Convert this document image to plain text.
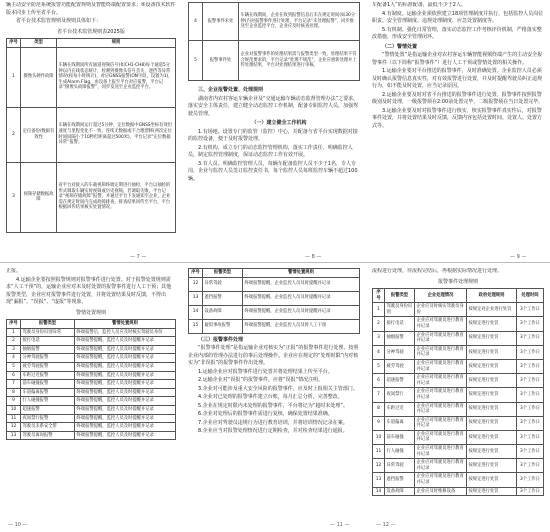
辆主动安全防范系统报警功能配置规则及智能终端配置要求；⑤设备技术软件版本同步上传至省平台。

省平台技术监管规则及规则具体如下：

省平台技术监管规则表2025版
序号	类型	规则
1	摄像头硬件故障	车辆在线期间所有通道视频信号(如CH1-CH8)每个通道5分钟以内在线状态统计，检测到摄像头信号丢失、遮挡等异常情况(按每小时统计)，对应GNSS报警(ON字段，设置为1)，生成Alarm Flag，由设备上报至平台对应报警，平台记录“摄像头故障报警”，同步发送至企业监控平台。
2	定位备份/数据有效性	车辆在线期间运行超过5分钟，定位数据中GNSS坐标有效但速度与里程变化不一致、连续无数据或不合理漂移(两次定位时间间隔小于10秒但距离超过500米)，平台记录“定位数据异常”报警。
3	视频存储数据故障	省平台对接入的车载视频终端定期进行抽检，平台以抽检的形式调取车辆实时视频或历史视频，若调取失败，平台记录“视频存储故障”报警，并通过平台下发通知至企业，企业需在规定时间内完成故障排查，排查结果回传至平台，平台根据回传结果核实处置情况。
— 7 —
4	报警事件未处	车辆在线期间，企业在收到报警信息后未在规定时间(如30分钟)内对报警事件进行处理，平台记录“未处理报警”，同步推送至企业监控平台，企业应及时核查处理。
5	报警事件处	企业对报警事件的处理结果需与报警类型一致，处理结果不符合规范要求的，平台记录“处理不规范”，企业应重新处理并上传处理结果，平台对处理结果进行审核。
三、企业报警处置、处理规则

湖南省内农村客运车辆企业及“交通运输车辆动态监督管理办法”之要求，落实安全主体责任，建立健全动态监控工作机制，配备专职监控人员，加强驾驶员管理。

（一）建立健全工作机构

1.有场地。设置专门的监管（监控）中心，并配备与省平台实现数据对接的监控设备，便于及时报警处理。

2.有机构。成立专门的动态监控管理机构，落实工作责任，明确监控人员，制定监控管理制度，保证动态监控工作有效开展。

3.有人员。明确监控管理人员，每辆车配备监控人员不少于1名，专人专岗，企业与监控人员签订监控责任书，每个监控人员每班监控车辆不超过100辆。

— 8 —

车配备1人”的标准配备，最低不少于2人。

4.有制度。运输企业须依照建立18项管理制度并执行，包括监控人员岗位职责、安全管理制度、违规处理制度、应急处置制度等。

5.有机制。强化日常管理，落实动态监控工作考核评价机制，严格落实整改措施，形成安全管理闭环。

（二）警情处置

“警情处置”是指运输企业对农村客运车辆智能视频终端产生的主动安全报警事件（以下简称“报警事件”）进行人工干预或警情处置的相关操作。

1.运输企业要对平台推送的报警事件，及时准确处置。企业监控人员必须及时确认报警信息真实性，对有效报警进行处置，并及时提醒驾驶员纠正违规行为，如不能及时处置，应当记录原因。

2.运输企业要及时对省平台推送的报警事件进行处置，报警事件按照报警级别及时处理，一级报警须在2:00前处置完毕，二级报警须在当日处置完毕。

3.运输企业要及时对报警事件进行核实，核实报警事件真实性后，对报警事件处置，并将处置结果及时反馈，反馈内容包括处置时间、处置人、处置方式等。

— 9 —

正报。

4.运输企业要按照报警规则对报警事件进行处置。对于报警处置规则需求“人工干预”的，运输企业应对未及时处置的报警事件进行人工干预；其他报警类型，企业应对报警事件进行处置，并将处置结果及时反馈，不得出现“漏报”、“误报”、“虚报”等现象。

警情处置规则
序号	报警类型	警情处置规则
1	驾驶员身份识别异常	终端报警后，监控人员应及时核实驾驶员身份
2	接打电话	终端报警提醒，监控人员及时提醒并记录
3	抽烟报警	终端报警提醒，监控人员及时提醒并记录
4	分神驾驶报警	终端报警提醒，监控人员及时提醒并记录
5	疲劳驾驶报警	终端报警提醒，监控人员及时提醒并记录
6	车距过近报警	终端报警提醒，监控人员及时提醒并记录
7	前车碰撞报警	终端报警提醒，监控人员及时提醒并记录
8	车道偏离报警	终端报警提醒，监控人员及时提醒并记录
9	行人碰撞报警	终端报警提醒，监控人员及时提醒并记录
10	超速报警	终端报警提醒，监控人员及时提醒并记录
11	夜间禁行报警	终端报警提醒，监控人员及时提醒并记录
12	驾驶员未系安全带	终端报警提醒，监控人员及时提醒并记录
13	驾驶员离岗报警	终端报警提醒，监控人员及时提醒并记录
— 10 —
序号	报警类型	警情处置规则
12	异常驾驶	终端报警提醒，企业监控人员及时提醒并记录
13	遮挡报警	终端报警提醒，企业监控人员及时提醒并记录
14	设备故障	终端报警提醒，企业监控人员及时提醒并记录
15	疑似事故报警	终端报警提醒，企业监控人员及时人工干预
（三）报警事件处理

“报警事件处理”是指运输企业对核实为“正报”的报警事件进行处理，按照企业内部的管理办法进行的事后处理操作。企业应在规定的“处理时限”内对核实为“非误报”的报警事件作出处理。

1.运输企业应对报警事件进行处置并将处理结果上传至平台。

2.运输企业对“误报”的报警事件，应将“误报”情况注明。

3.企业对可能涉及重大安全风险的报警事件，应及时上报相关主管部门。

4.企业对已处理的报警事件建立台账，每月汇总分析，完善整改。

5.企业在规定时限内未处理的报警事件，平台将记为“超时未处理”。

6.企业对处理后的报警事件需进行复核，确保处置结果准确。

7.企业应对驾驶员违规行为进行教育培训，并将培训情况记录在案。

8.企业应当对报警处理情况进行定期检查，并对检查结果进行通报。

— 11 —

流程进行处理，待流程完结后，再根据实际情况进行处理。

报警事件处理规则
序号	报警类型	企业处理情况	政府处理规则	处理时间
1	驾驶员身份识别	企业应及时核实驾驶员身份	按规定对企业进行处罚	3个工作日
2	接打电话	企业应对驾驶员进行教育并记录	按规定进行处罚	3个工作日
3	抽烟报警	企业应对驾驶员进行教育并记录	按规定进行处罚	3个工作日
4	分神驾驶	企业应对驾驶员进行教育并记录	按规定进行处罚	3个工作日
5	疲劳驾驶	企业应对驾驶员进行教育并记录	按规定进行处罚	3个工作日
6	超速报警	企业应对驾驶员进行教育并记录	按规定进行处罚	3个工作日
7	夜间禁行	企业应对驾驶员进行教育并记录	按规定进行处罚	3个工作日
8	车距过近	企业应对驾驶员进行教育并记录	按规定进行处罚	3个工作日
9	车道偏离	企业应对驾驶员进行教育并记录	按规定进行处罚	3个工作日
10	前车碰撞	企业应对驾驶员进行教育并记录	按规定进行处罚	3个工作日
11	行人碰撞	企业应对驾驶员进行教育并记录	按规定进行处罚	3个工作日
12	异常驾驶	企业应对驾驶员进行教育并记录	按规定进行处罚	3个工作日
13	遮挡报警	企业应对驾驶员进行教育并记录	按规定进行处罚	3个工作日
14	设备故障	企业应及时维修设备	按规定进行处罚	3个工作日
— 12 —
